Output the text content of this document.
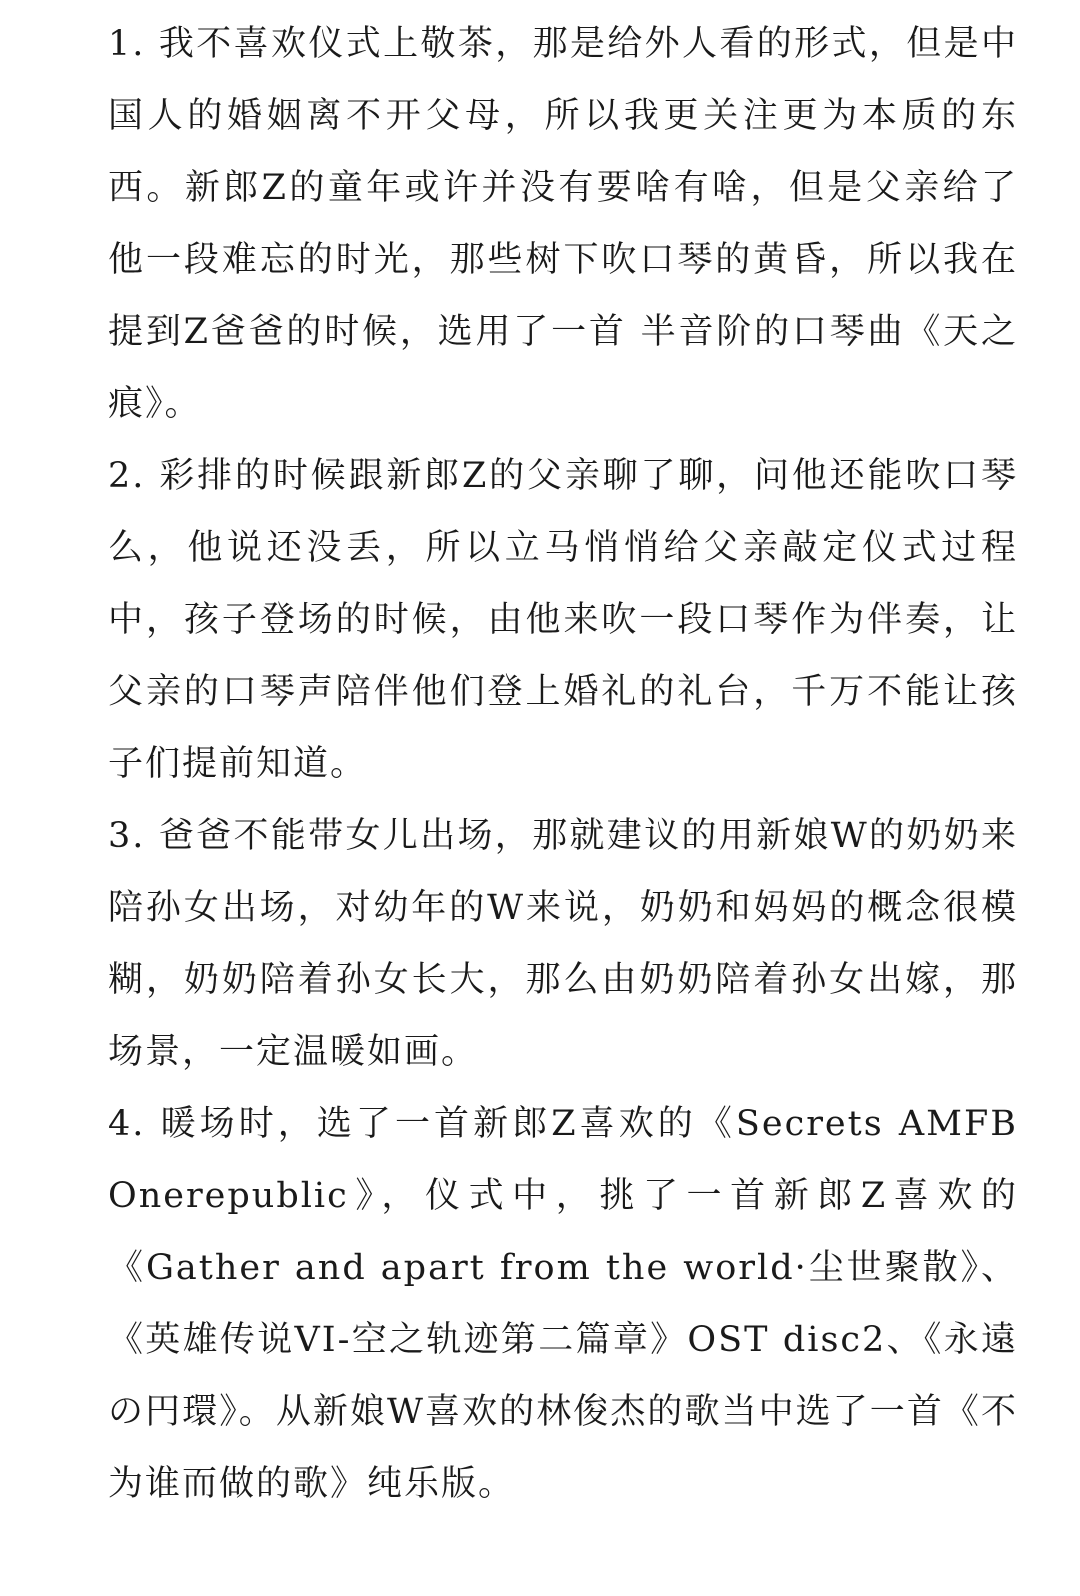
1. 我不喜欢仪式上敬茶，那是给外人看的形式，但是中国人的婚姻离不开父母，所以我更关注更为本质的东西。新郎Z的童年或许并没有要啥有啥，但是父亲给了他一段难忘的时光，那些树下吹口琴的黄昏，所以我在提到Z爸爸的时候，选用了一首 半音阶的口琴曲《天之痕》。

2. 彩排的时候跟新郎Z的父亲聊了聊，问他还能吹口琴么，他说还没丢，所以立马悄悄给父亲敲定仪式过程中，孩子登场的时候，由他来吹一段口琴作为伴奏，让父亲的口琴声陪伴他们登上婚礼的礼台，千万不能让孩子们提前知道。

3. 爸爸不能带女儿出场，那就建议的用新娘W的奶奶来陪孙女出场，对幼年的W来说，奶奶和妈妈的概念很模糊，奶奶陪着孙女长大，那么由奶奶陪着孙女出嫁，那场景，一定温暖如画。

4. 暖场时，选了一首新郎Z喜欢的《Secrets AMFB Onerepublic》，仪式中，挑了一首新郎Z喜欢的《Gather and apart from the world·尘世聚散》、《英雄传说VI-空之轨迹第二篇章》OST disc2、《永遠の円環》。从新娘W喜欢的林俊杰的歌当中选了一首《不为谁而做的歌》纯乐版。
